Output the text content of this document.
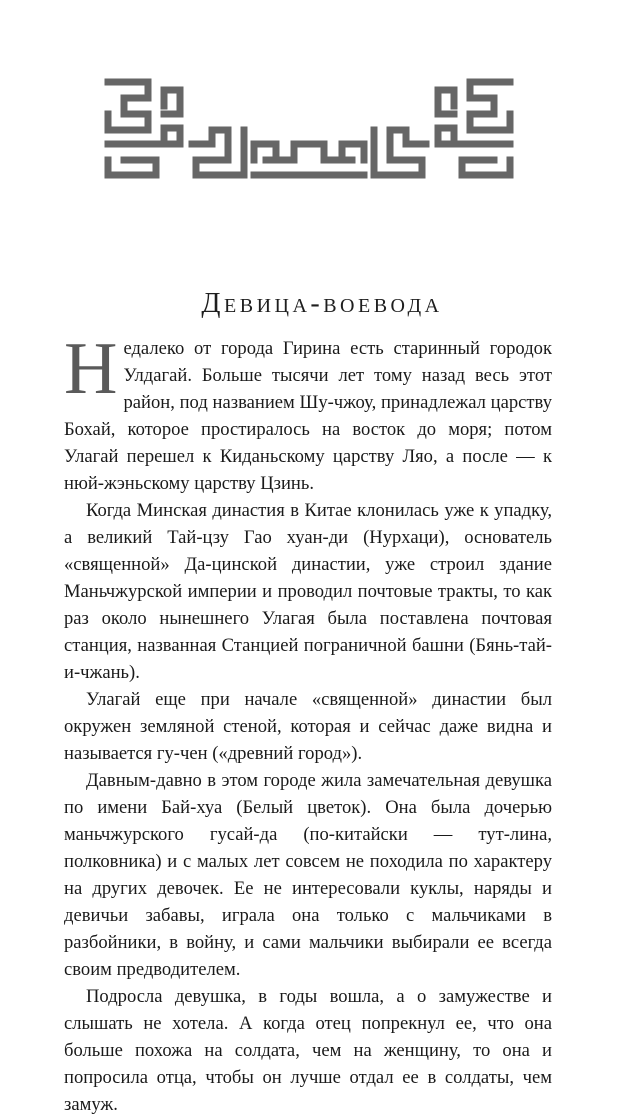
Девица-воевода

Недалеко от города Гирина есть старинный городок Улдагай. Больше тысячи лет тому назад весь этот район, под названием Шу-чжоу, принадлежал царству Бохай, которое простиралось на восток до моря; потом Улагай перешел к Киданьскому царству Ляо, а после — к нюй-жэньскому царству Цзинь.

Когда Минская династия в Китае клонилась уже к упадку, а великий Тай-цзу Гао хуан-ди (Нурхаци), основатель «священной» Да-цинской династии, уже строил здание Маньчжурской империи и проводил почтовые тракты, то как раз около нынешнего Улагая была поставлена почтовая станция, названная Станцией пограничной башни (Бянь-тай-и-чжань).

Улагай еще при начале «священной» династии был окружен земляной стеной, которая и сейчас даже видна и называется гу-чен («древний город»).

Давным-давно в этом городе жила замечательная девушка по имени Бай-хуа (Белый цветок). Она была дочерью маньчжурского гусай-да (по-китайски — тут-лина, полковника) и с малых лет совсем не походила по характеру на других девочек. Ее не интересовали куклы, наряды и девичьи забавы, играла она только с мальчиками в разбойники, в войну, и сами мальчики выбирали ее всегда своим предводителем.

Подросла девушка, в годы вошла, а о замужестве и слышать не хотела. А когда отец попрекнул ее, что она больше похожа на солдата, чем на женщину, то она и попросила отца, чтобы он лучше отдал ее в солдаты, чем замуж.
